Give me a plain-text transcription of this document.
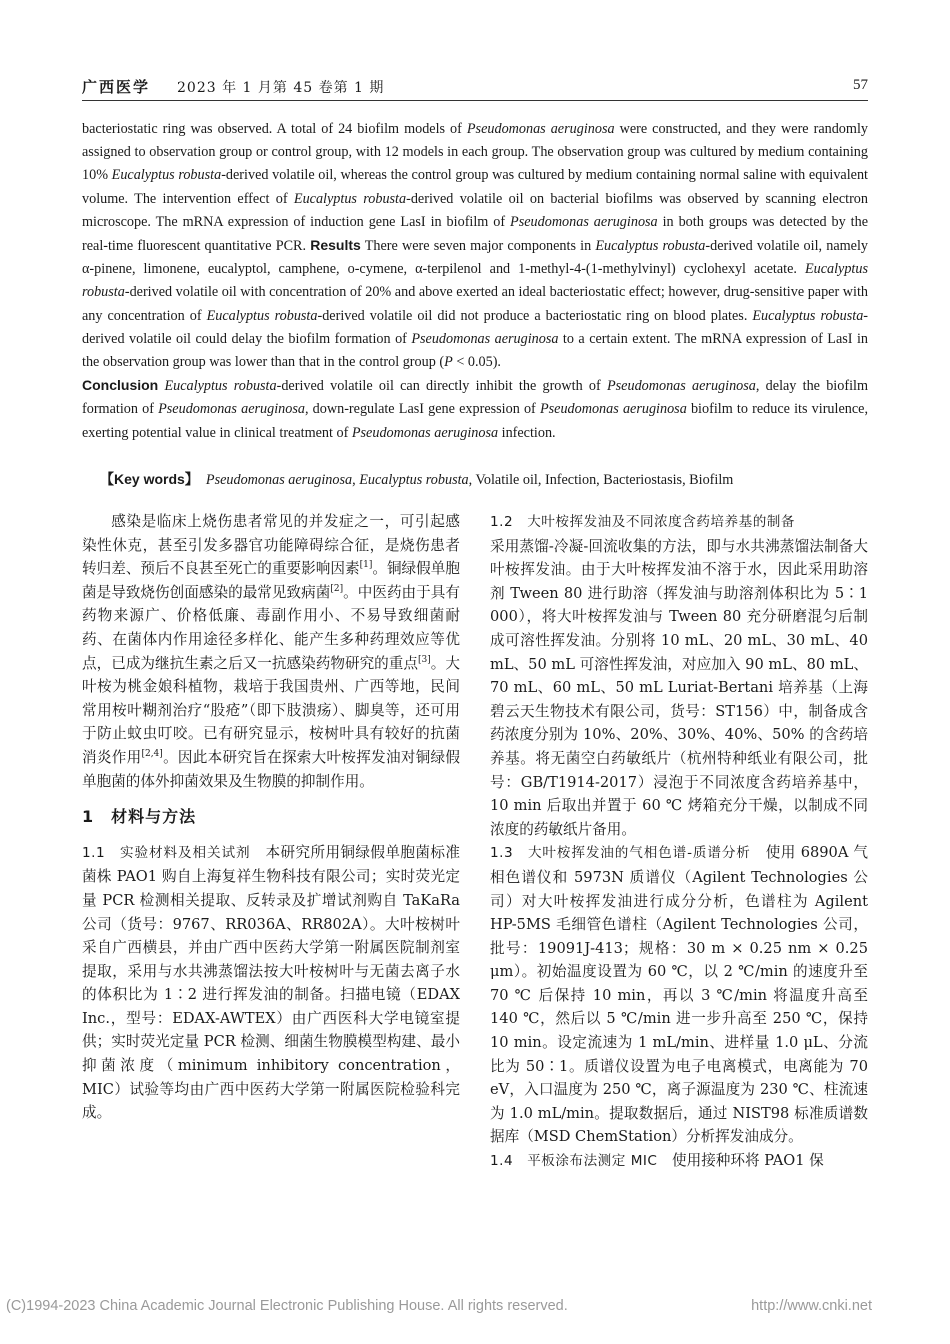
广西医学 2023 年 1 月第 45 卷第 1 期	57

bacteriostatic ring was observed. A total of 24 biofilm models of Pseudomonas aeruginosa were constructed, and they were randomly assigned to observation group or control group, with 12 models in each group. The observation group was cultured by medium containing 10% Eucalyptus robusta-derived volatile oil, whereas the control group was cultured by medium containing normal saline with equivalent volume. The intervention effect of Eucalyptus robusta-derived volatile oil on bacterial biofilms was observed by scanning electron microscope. The mRNA expression of induction gene LasI in biofilm of Pseudomonas aeruginosa in both groups was detected by the real-time fluorescent quantitative PCR. Results There were seven major components in Eucalyptus robusta-derived volatile oil, namely α-pinene, limonene, eucalyptol, camphene, o-cymene, α-terpilenol and 1-methyl-4-(1-methylvinyl) cyclohexyl acetate. Eucalyptus robusta-derived volatile oil with concentration of 20% and above exerted an ideal bacteriostatic effect; however, drug-sensitive paper with any concentration of Eucalyptus robusta-derived volatile oil did not produce a bacteriostatic ring on blood plates. Eucalyptus robusta-derived volatile oil could delay the biofilm formation of Pseudomonas aeruginosa to a certain extent. The mRNA expression of LasI in the observation group was lower than that in the control group (P < 0.05).
Conclusion Eucalyptus robusta-derived volatile oil can directly inhibit the growth of Pseudomonas aeruginosa, delay the biofilm formation of Pseudomonas aeruginosa, down-regulate LasI gene expression of Pseudomonas aeruginosa biofilm to reduce its virulence, exerting potential value in clinical treatment of Pseudomonas aeruginosa infection.

【Key words】 Pseudomonas aeruginosa, Eucalyptus robusta, Volatile oil, Infection, Bacteriostasis, Biofilm

感染是临床上烧伤患者常见的并发症之一，可引起感染性休克，甚至引发多器官功能障碍综合征，是烧伤患者转归差、预后不良甚至死亡的重要影响因素[1]。铜绿假单胞菌是导致烧伤创面感染的最常见致病菌[2]。中医药由于具有药物来源广、价格低廉、毒副作用小、不易导致细菌耐药、在菌体内作用途径多样化、能产生多种药理效应等优点，已成为继抗生素之后又一抗感染药物研究的重点[3]。大叶桉为桃金娘科植物，栽培于我国贵州、广西等地，民间常用桉叶糊剂治疗“股疮”（即下肢溃疡）、脚臭等，还可用于防止蚊虫叮咬。已有研究显示，桉树叶具有较好的抗菌消炎作用[2,4]。因此本研究旨在探索大叶桉挥发油对铜绿假单胞菌的体外抑菌效果及生物膜的抑制作用。

1　材料与方法

1.1　实验材料及相关试剂　本研究所用铜绿假单胞菌标准菌株 PAO1 购自上海复祥生物科技有限公司；实时荧光定量 PCR 检测相关提取、反转录及扩增试剂购自 TaKaRa 公司（货号：9767、RR036A、RR802A）。大叶桉树叶采自广西横县，并由广西中医药大学第一附属医院制剂室提取，采用与水共沸蒸馏法按大叶桉树叶与无菌去离子水的体积比为 1∶2 进行挥发油的制备。扫描电镜（EDAX Inc.，型号：EDAX-AWTEX）由广西医科大学电镜室提供；实时荧光定量 PCR 检测、细菌生物膜模型构建、最小抑菌浓度（minimum inhibitory concentration，MIC）试验等均由广西中医药大学第一附属医院检验科完成。

1.2　大叶桉挥发油及不同浓度含药培养基的制备

采用蒸馏-冷凝-回流收集的方法，即与水共沸蒸馏法制备大叶桉挥发油。由于大叶桉挥发油不溶于水，因此采用助溶剂 Tween 80 进行助溶（挥发油与助溶剂体积比为 5∶1 000），将大叶桉挥发油与 Tween 80 充分研磨混匀后制成可溶性挥发油。分别将 10 mL、20 mL、30 mL、40 mL、50 mL 可溶性挥发油，对应加入 90 mL、80 mL、70 mL、60 mL、50 mL Luriat-Bertani 培养基（上海碧云天生物技术有限公司，货号：ST156）中，制备成含药浓度分别为 10%、20%、30%、40%、50% 的含药培养基。将无菌空白药敏纸片（杭州特种纸业有限公司，批号：GB/T1914-2017）浸泡于不同浓度含药培养基中，10 min 后取出并置于 60 ℃ 烤箱充分干燥，以制成不同浓度的药敏纸片备用。

1.3　大叶桉挥发油的气相色谱-质谱分析　使用 6890A 气相色谱仪和 5973N 质谱仪（Agilent Technologies 公司）对大叶桉挥发油进行成分分析，色谱柱为 Agilent HP-5MS 毛细管色谱柱（Agilent Technologies 公司，批号：19091J-413；规格：30 m × 0.25 nm × 0.25 μm）。初始温度设置为 60 ℃，以 2 ℃/min 的速度升至 70 ℃ 后保持 10 min，再以 3 ℃/min 将温度升高至 140 ℃，然后以 5 ℃/min 进一步升高至 250 ℃，保持 10 min。设定流速为 1 mL/min、进样量 1.0 μL、分流比为 50∶1。质谱仪设置为电子电离模式，电离能为 70 eV，入口温度为 250 ℃，离子源温度为 230 ℃、柱流速为 1.0 mL/min。提取数据后，通过 NIST98 标准质谱数据库（MSD ChemStation）分析挥发油成分。

1.4　平板涂布法测定 MIC　使用接种环将 PAO1 保

(C)1994-2023 China Academic Journal Electronic Publishing House. All rights reserved.	http://www.cnki.net
